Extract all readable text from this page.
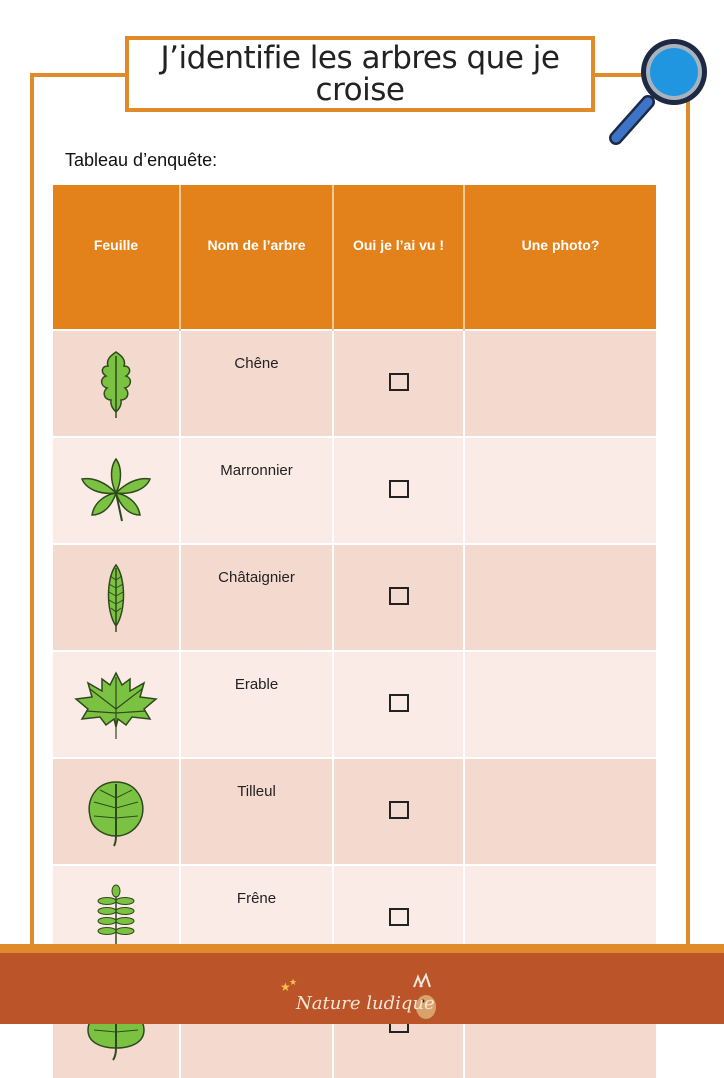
J’identifie les arbres que je croise
Tableau d’enquête:
Feuille	Nom de l’arbre	Oui je l’ai vu !	Une photo?

	Chêne		

	Marronnier		

	Châtaignier		

	Erable		

	Tilleul		

	Frêne		

★
★
Nature ludique
